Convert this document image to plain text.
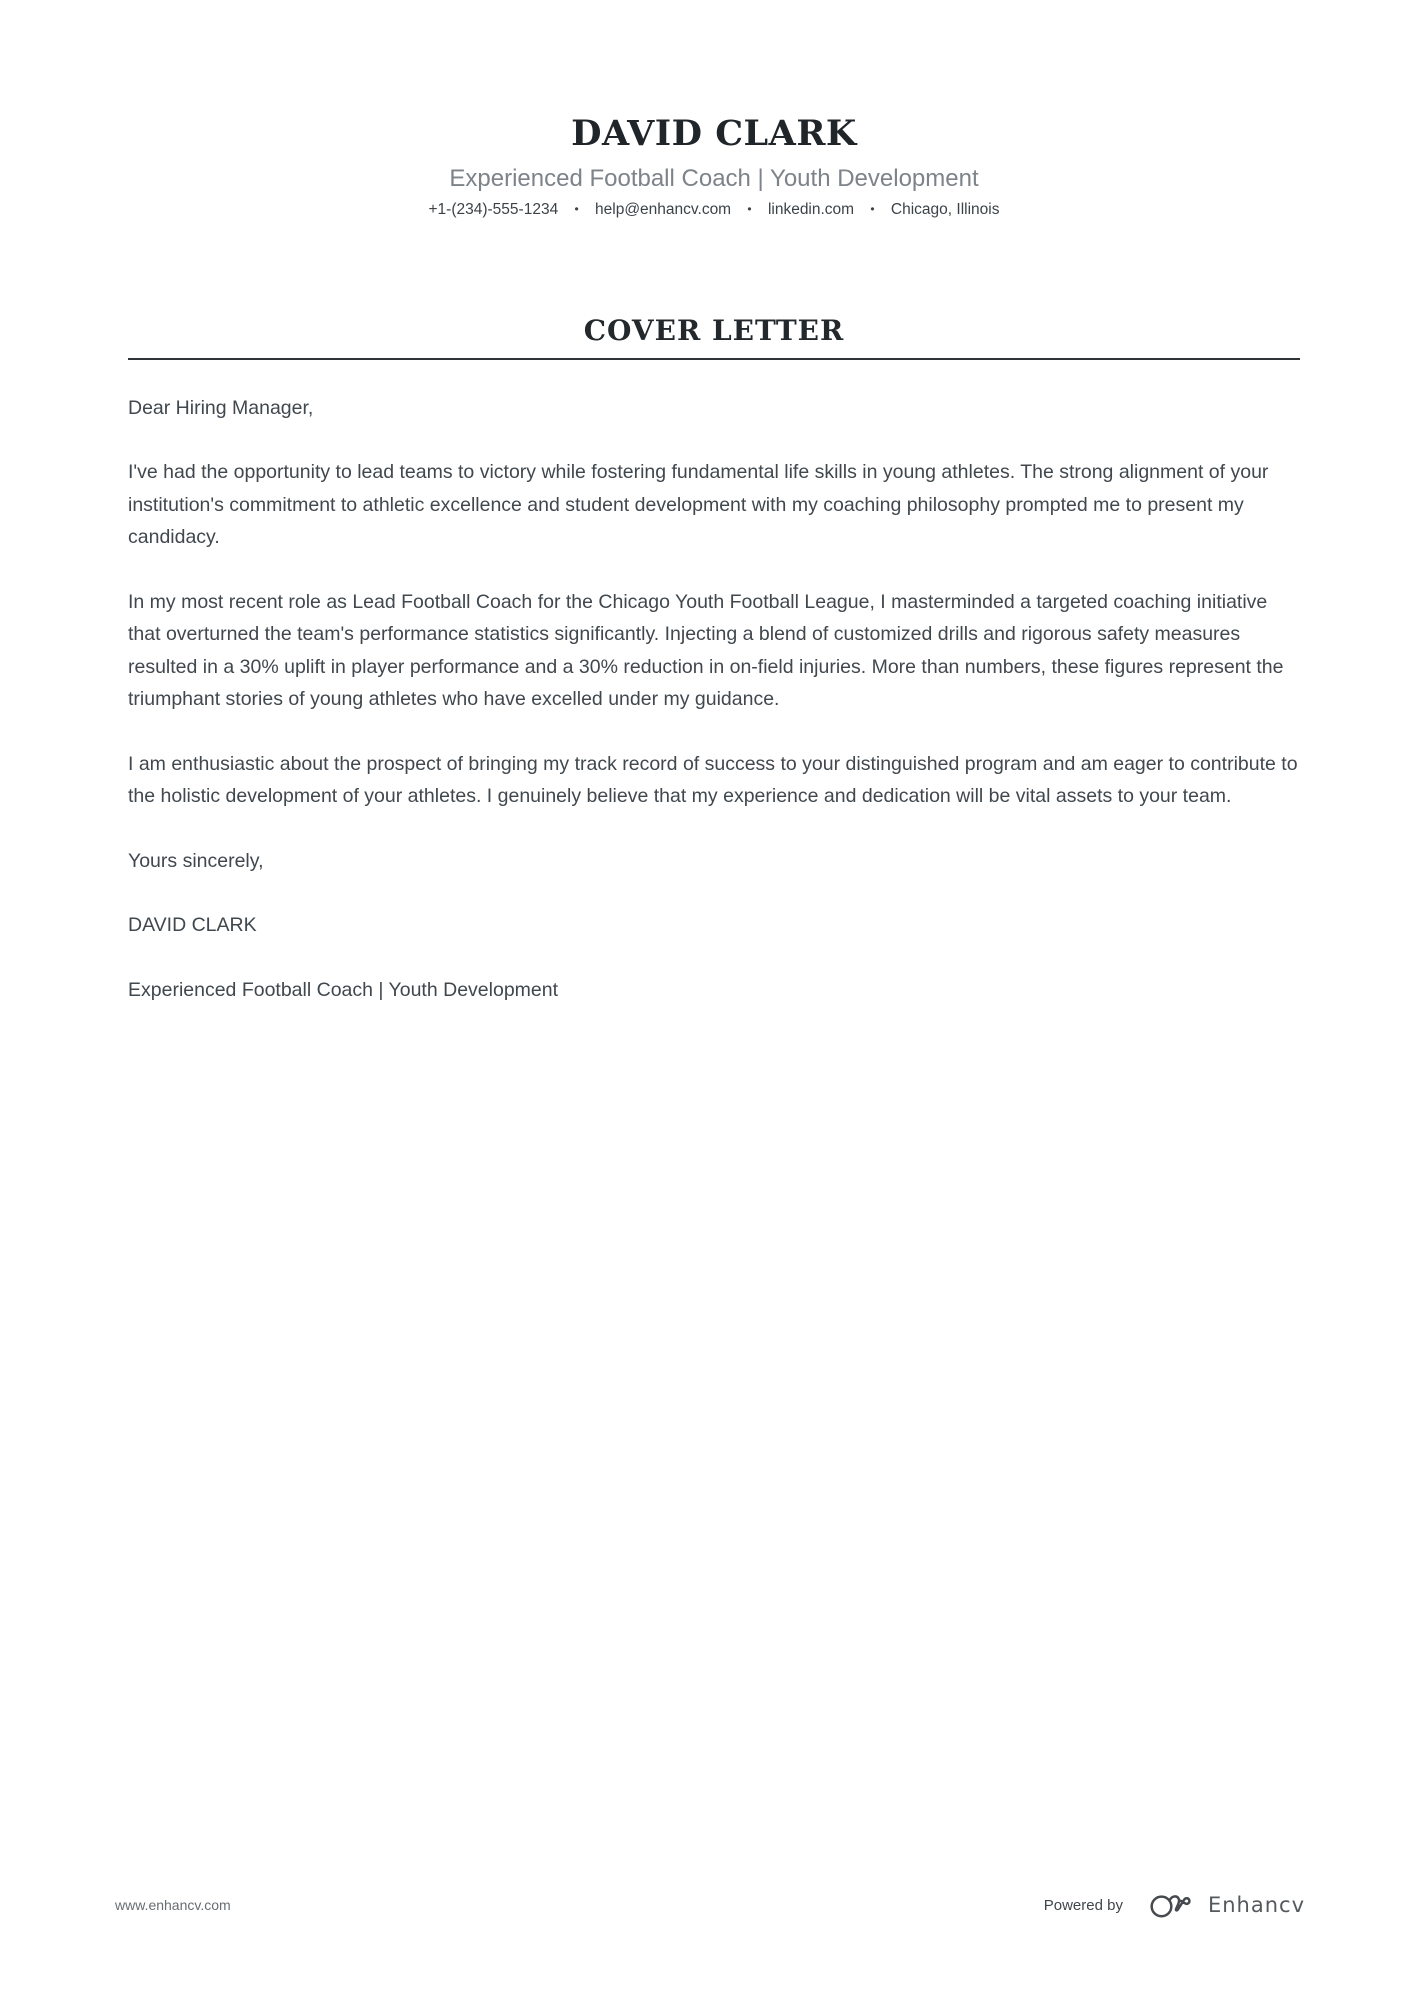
DAVID CLARK
Experienced Football Coach | Youth Development
+1-(234)-555-1234 • help@enhancv.com • linkedin.com • Chicago, Illinois
COVER LETTER

Dear Hiring Manager,

I've had the opportunity to lead teams to victory while fostering fundamental life skills in young athletes. The strong alignment of your institution's commitment to athletic excellence and student development with my coaching philosophy prompted me to present my candidacy.

In my most recent role as Lead Football Coach for the Chicago Youth Football League, I masterminded a targeted coaching initiative that overturned the team's performance statistics significantly. Injecting a blend of customized drills and rigorous safety measures resulted in a 30% uplift in player performance and a 30% reduction in on-field injuries. More than numbers, these figures represent the triumphant stories of young athletes who have excelled under my guidance.

I am enthusiastic about the prospect of bringing my track record of success to your distinguished program and am eager to contribute to the holistic development of your athletes. I genuinely believe that my experience and dedication will be vital assets to your team.

Yours sincerely,

DAVID CLARK

Experienced Football Coach | Youth Development

www.enhancv.com	Powered by	Enhancv
